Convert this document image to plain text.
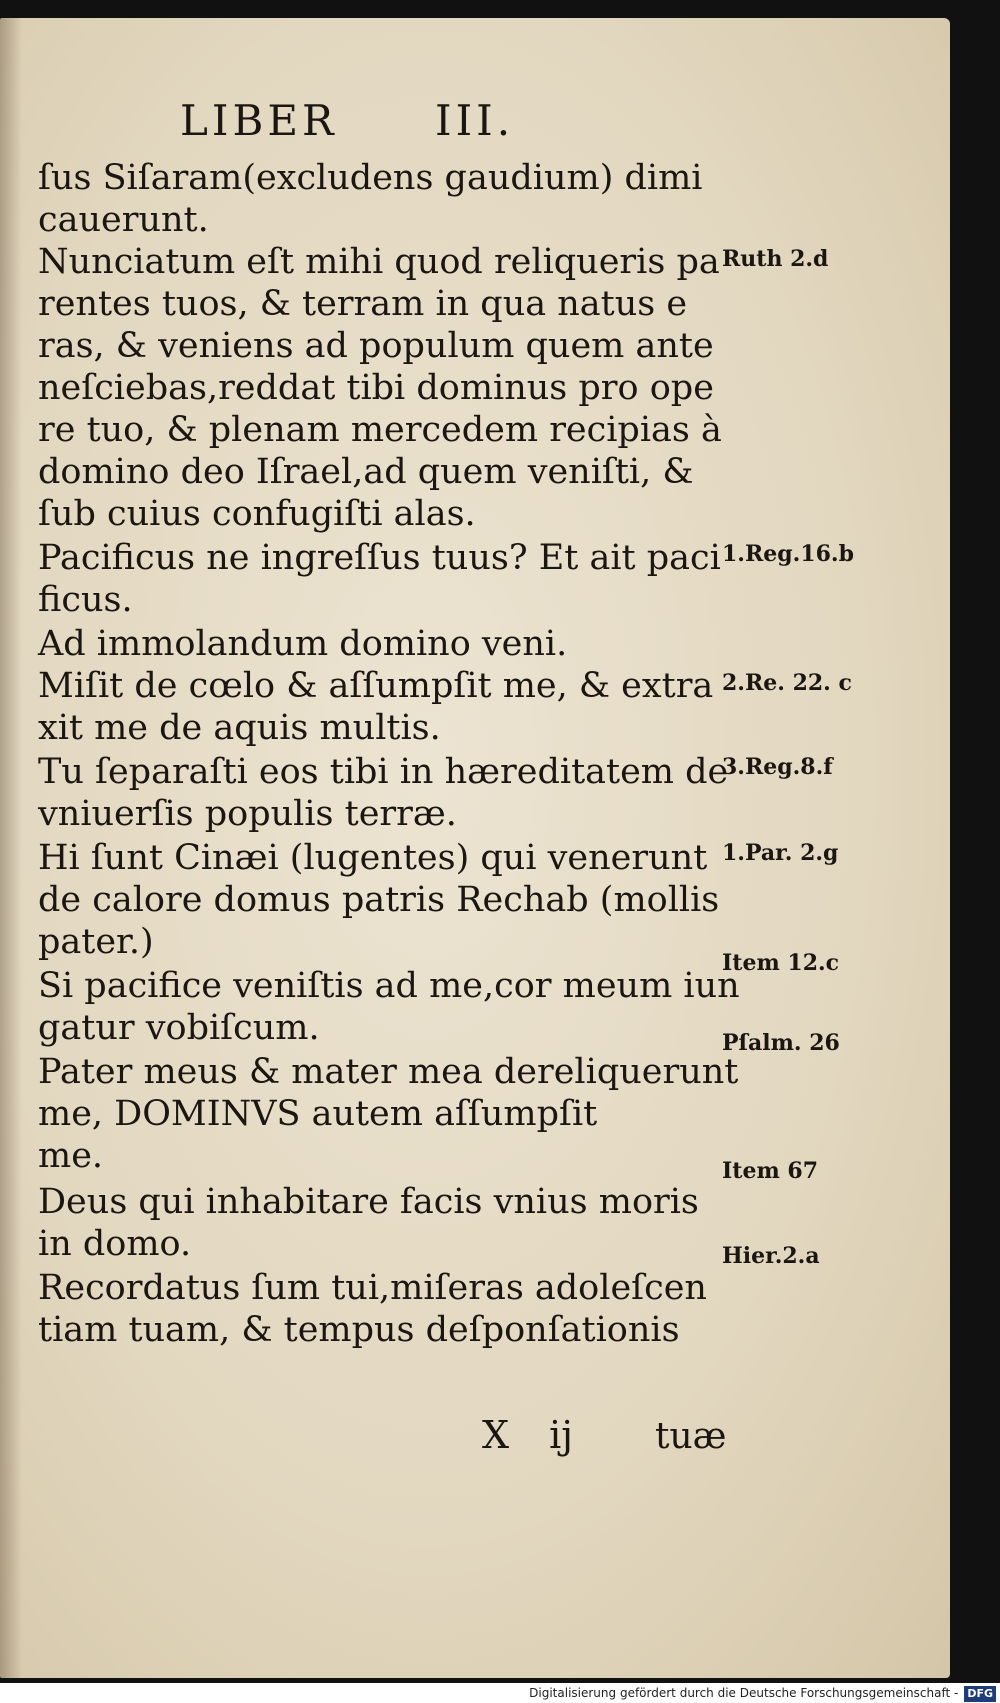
LIBER III.
ſus Siſaram(excludens gaudium) dimi
cauerunt.
Nunciatum eſt mihi quod reliqueris pa
rentes tuos, & terram in qua natus e
ras, & veniens ad populum quem ante
neſciebas,reddat tibi dominus pro ope
re tuo, & plenam mercedem recipias à
domino deo Iſrael,ad quem veniſti, &
ſub cuius confugiſti alas.
Pacificus ne ingreſſus tuus? Et ait paci
ficus.
Ad immolandum domino veni.
Miſit de cœlo & aſſumpſit me, & extra
xit me de aquis multis.
Tu ſeparaſti eos tibi in hæreditatem de
vniuerſis populis terræ.
Hi ſunt Cinæi (lugentes) qui venerunt
de calore domus patris Rechab (mollis
pater.)
Si pacifice veniſtis ad me,cor meum iun
gatur vobiſcum.
Pater meus & mater mea dereliquerunt
me, DOMINVS autem aſſumpſit
me.
Deus qui inhabitare facis vnius moris
in domo.
Recordatus ſum tui,miſeras adoleſcen
tiam tuam, & tempus deſponſationis
Ruth 2.d
1.Reg.16.b
2.Re. 22. c
3.Reg.8.f
1.Par. 2.g
Item 12.c
Pſalm. 26
Item 67
Hier.2.a
X ij tuæ
Digitalisierung gefördert durch die Deutsche Forschungsgemeinschaft - DFG
